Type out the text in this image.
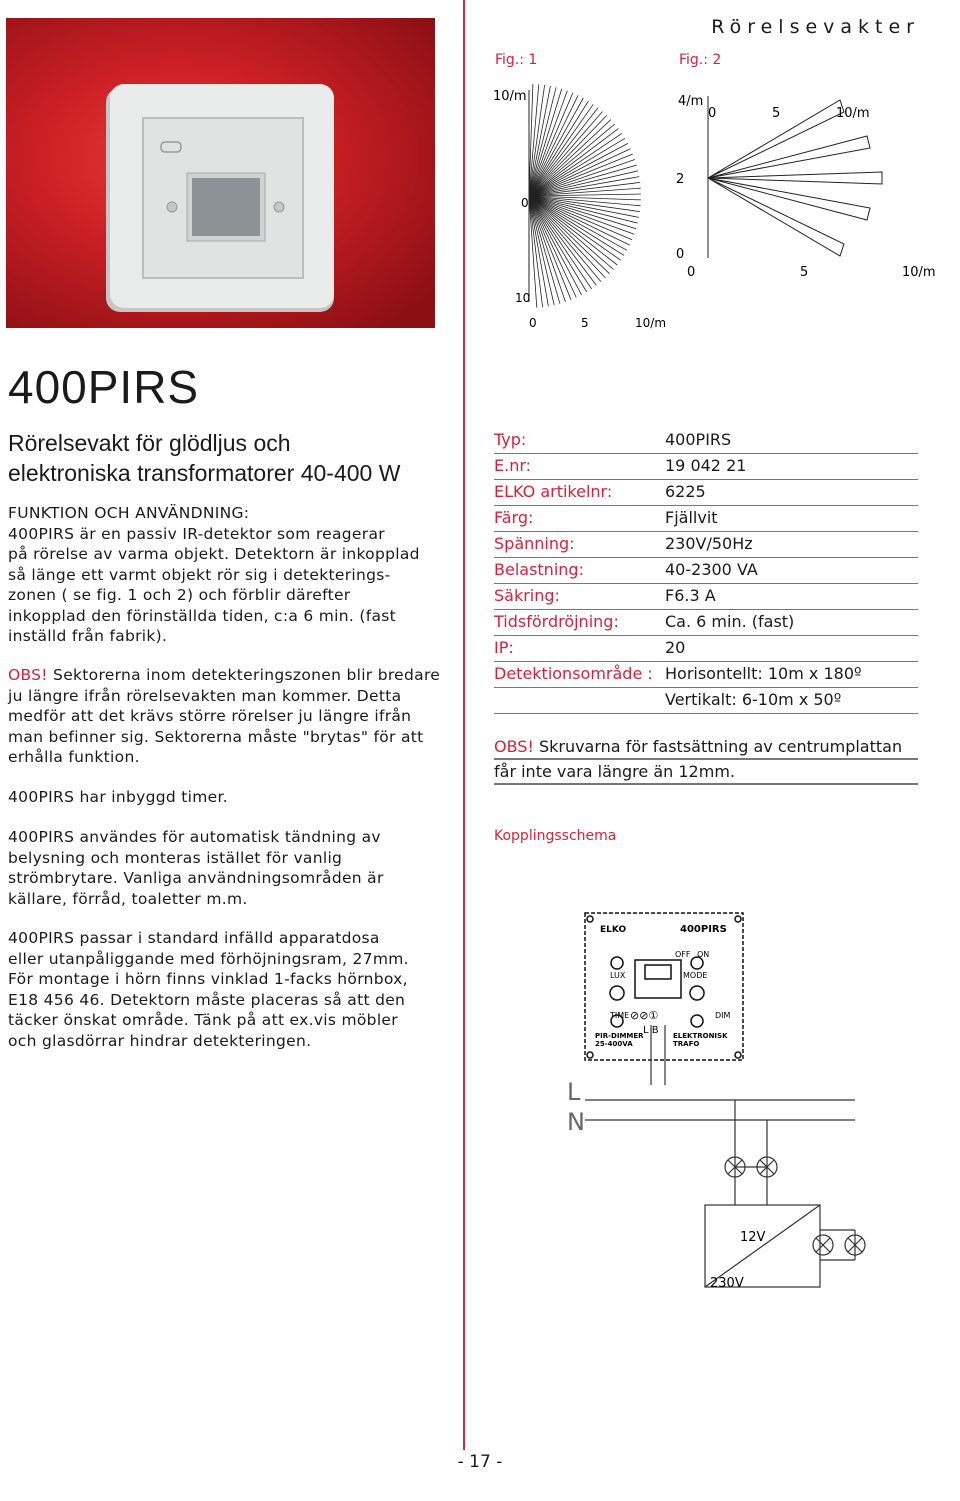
Rörelsevakter
Fig.: 1	Fig.: 2
10/m
0
10
0	5	10/m
4/m
0	5	10/m
2
0
0	5	10/m
400PIRS
Rörelsevakt för glödljus och
elektroniska transformatorer 40-400 W
FUNKTION OCH ANVÄNDNING:
400PIRS är en passiv IR-detektor som reagerar
på rörelse av varma objekt. Detektorn är inkopplad
så länge ett varmt objekt rör sig i detekterings-
zonen ( se fig. 1 och 2) och förblir därefter
inkopplad den förinställda tiden, c:a 6 min. (fast
inställd från fabrik).
OBS! Sektorerna inom detekteringszonen blir bredare
ju längre ifrån rörelsevakten man kommer. Detta
medför att det krävs större rörelser ju längre ifrån
man befinner sig. Sektorerna måste "brytas" för att
erhålla funktion.
400PIRS har inbyggd timer.
400PIRS användes för automatisk tändning av
belysning och monteras istället för vanlig
strömbrytare. Vanliga användningsområden är
källare, förråd, toaletter m.m.
400PIRS passar i standard infälld apparatdosa
eller utanpåliggande med förhöjningsram, 27mm.
För montage i hörn finns vinklad 1-facks hörnbox,
E18 456 46. Detektorn måste placeras så att den
täcker önskat område. Tänk på att ex.vis möbler
och glasdörrar hindrar detekteringen.
Typ:	400PIRS
E.nr:	19 042 21
ELKO artikelnr:	6225
Färg:	Fjällvit
Spänning:	230V/50Hz
Belastning:	40-2300 VA
Säkring:	F6.3 A
Tidsfördröjning:	Ca. 6 min. (fast)
IP:	20
Detektionsområde : Horisontellt: 10m x 180º
Vertikalt: 6-10m x 50º
OBS! Skruvarna för fastsättning av centrumplattan
får inte vara längre än 12mm.
Kopplingsschema
ELKO	400PIRS
OFF ON
LUX	MODE
TIME	DIM
⊘⊘①
L B
PIR-DIMMER
25-400VA
ELEKTRONISK
TRAFO
L
N
12V
230V
- 17 -
